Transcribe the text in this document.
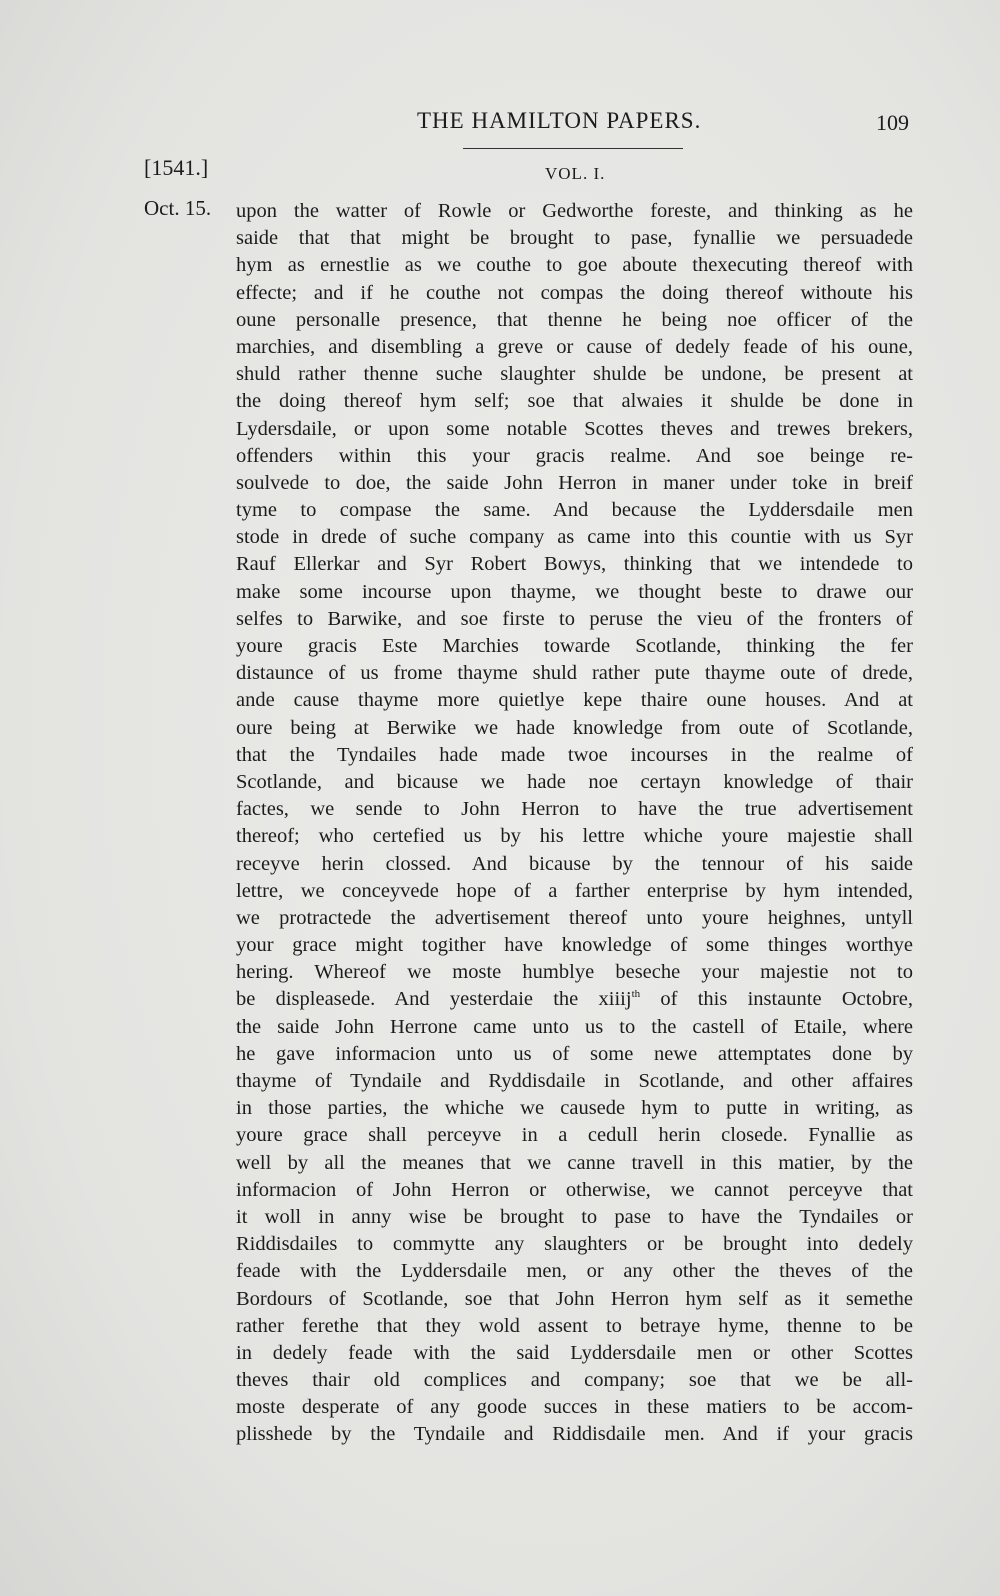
THE HAMILTON PAPERS.	109
[1541.]	VOL. I.
Oct. 15. upon the watter of Rowle or Gedworthe foreste, and thinking as he
saide that that might be brought to pase, fynallie we persuadede
hym as ernestlie as we couthe to goe aboute thexecuting thereof with
effecte; and if he couthe not compas the doing thereof withoute his
oune personalle presence, that thenne he being noe officer of the
marchies, and disembling a greve or cause of dedely feade of his oune,
shuld rather thenne suche slaughter shulde be undone, be present at
the doing thereof hym self; soe that alwaies it shulde be done in
Lydersdaile, or upon some notable Scottes theves and trewes brekers,
offenders within this your gracis realme. And soe beinge re-
soulvede to doe, the saide John Herron in maner under toke in breif
tyme to compase the same. And because the Lyddersdaile men
stode in drede of suche company as came into this countie with us Syr
Rauf Ellerkar and Syr Robert Bowys, thinking that we intendede to
make some incourse upon thayme, we thought beste to drawe our
selfes to Barwike, and soe firste to peruse the vieu of the fronters of
youre gracis Este Marchies towarde Scotlande, thinking the fer
distaunce of us frome thayme shuld rather pute thayme oute of drede,
ande cause thayme more quietlye kepe thaire oune houses. And at
oure being at Berwike we hade knowledge from oute of Scotlande,
that the Tyndailes hade made twoe incourses in the realme of
Scotlande, and bicause we hade noe certayn knowledge of thair
factes, we sende to John Herron to have the true advertisement
thereof; who certefied us by his lettre whiche youre majestie shall
receyve herin clossed. And bicause by the tennour of his saide
lettre, we conceyvede hope of a farther enterprise by hym intended,
we protractede the advertisement thereof unto youre heighnes, untyll
your grace might togither have knowledge of some thinges worthye
hering. Whereof we moste humblye beseche your majestie not to
be displeasede. And yesterdaie the xiiij$^{th}$ of this instaunte Octobre,
the saide John Herrone came unto us to the castell of Etaile, where
he gave informacion unto us of some newe attemptates done by
thayme of Tyndaile and Ryddisdaile in Scotlande, and other affaires
in those parties, the whiche we causede hym to putte in writing, as
youre grace shall perceyve in a cedull herin closede. Fynallie as
well by all the meanes that we canne travell in this matier, by the
informacion of John Herron or otherwise, we cannot perceyve that
it woll in anny wise be brought to pase to have the Tyndailes or
Riddisdailes to commytte any slaughters or be brought into dedely
feade with the Lyddersdaile men, or any other the theves of the
Bordours of Scotlande, soe that John Herron hym self as it semethe
rather ferethe that they wold assent to betraye hyme, thenne to be
in dedely feade with the said Lyddersdaile men or other Scottes
theves thair old complices and company; soe that we be all-
moste desperate of any goode succes in these matiers to be accom-
plisshede by the Tyndaile and Riddisdaile men. And if your gracis
